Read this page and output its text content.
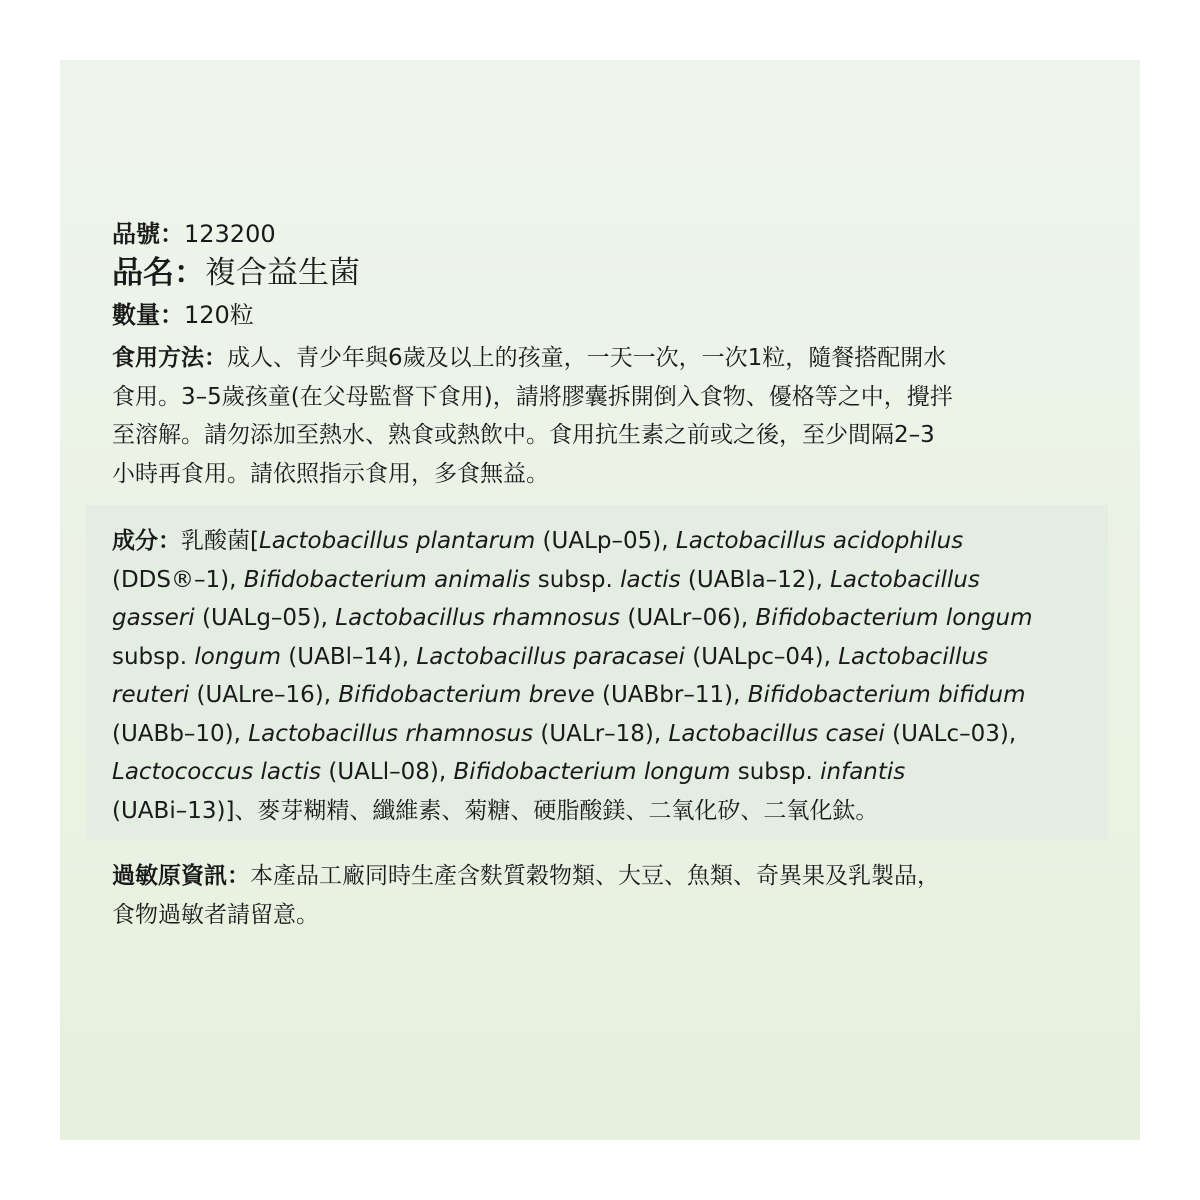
品號：123200
品名：複合益生菌
數量：120粒
食用方法：成人、青少年與6歲及以上的孩童，一天一次，一次1粒，隨餐搭配開水
食用。3–5歲孩童(在父母監督下食用)，請將膠囊拆開倒入食物、優格等之中，攪拌
至溶解。請勿添加至熱水、熟食或熱飲中。食用抗生素之前或之後，至少間隔2–3
小時再食用。請依照指示食用，多食無益。
成分：乳酸菌[Lactobacillus plantarum (UALp–05), Lactobacillus acidophilus
(DDS®–1), Bifidobacterium animalis subsp. lactis (UABla–12), Lactobacillus
gasseri (UALg–05), Lactobacillus rhamnosus (UALr–06), Bifidobacterium longum
subsp. longum (UABl–14), Lactobacillus paracasei (UALpc–04), Lactobacillus
reuteri (UALre–16), Bifidobacterium breve (UABbr–11), Bifidobacterium bifidum
(UABb–10), Lactobacillus rhamnosus (UALr–18), Lactobacillus casei (UALc–03),
Lactococcus lactis (UALl–08), Bifidobacterium longum subsp. infantis
(UABi–13)]、麥芽糊精、纖維素、菊糖、硬脂酸鎂、二氧化矽、二氧化鈦。
過敏原資訊：本產品工廠同時生產含麩質穀物類、大豆、魚類、奇異果及乳製品，
食物過敏者請留意。
